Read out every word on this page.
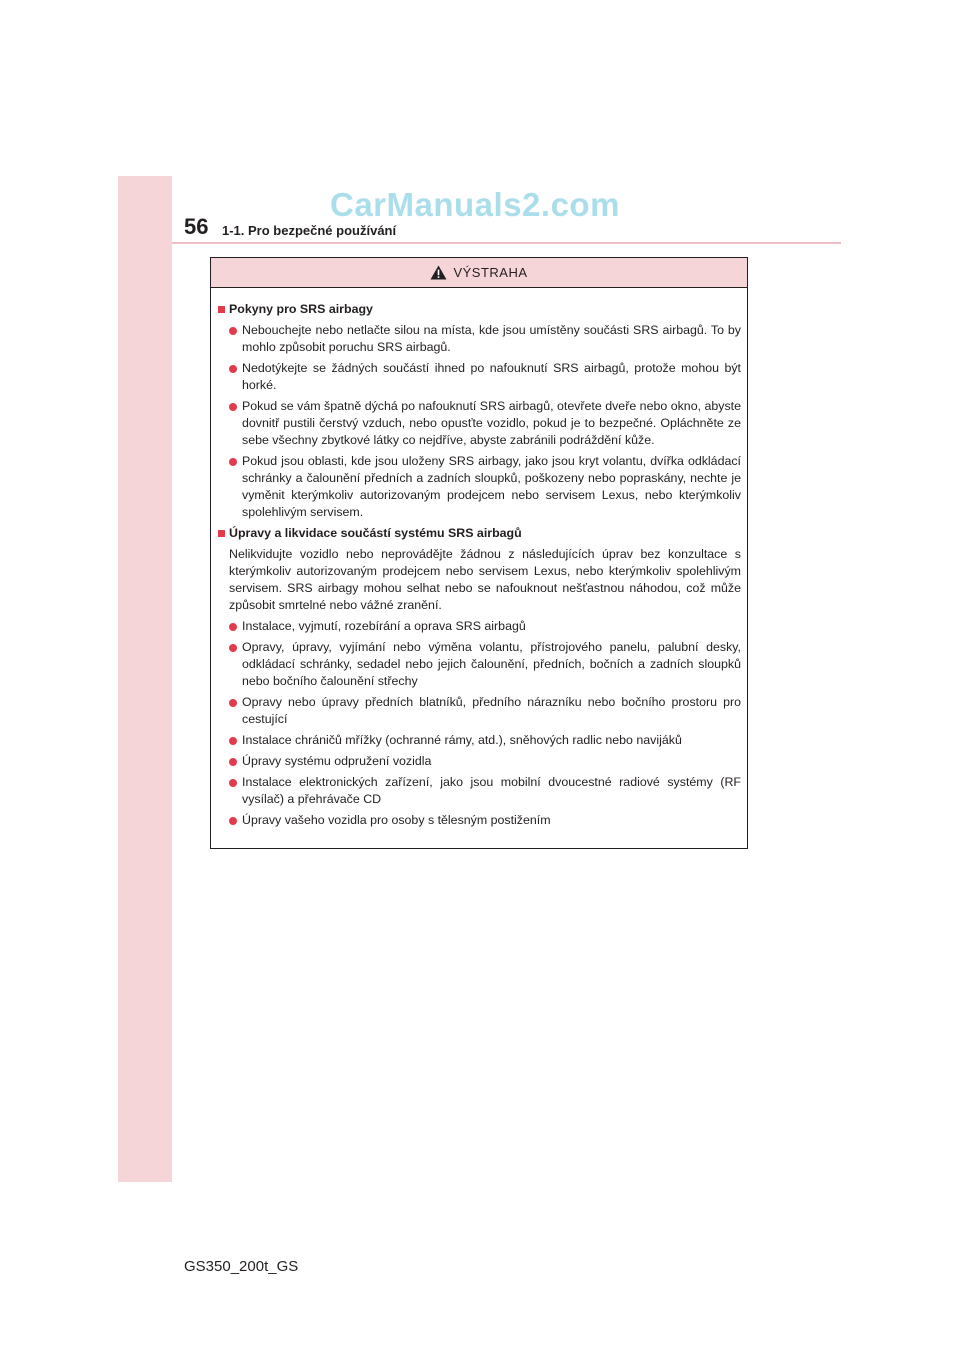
CarManuals2.com
56 1-1. Pro bezpečné používání
VÝSTRAHA
Pokyny pro SRS airbagy
Nebouchejte nebo netlačte silou na místa, kde jsou umístěny součásti SRS airbagů. To by mohlo způsobit poruchu SRS airbagů.
Nedotýkejte se žádných součástí ihned po nafouknutí SRS airbagů, protože mohou být horké.
Pokud se vám špatně dýchá po nafouknutí SRS airbagů, otevřete dveře nebo okno, abyste dovnitř pustili čerstvý vzduch, nebo opusťte vozidlo, pokud je to bezpečné. Opláchněte ze sebe všechny zbytkové látky co nejdříve, abyste zabránili podráždění kůže.
Pokud jsou oblasti, kde jsou uloženy SRS airbagy, jako jsou kryt volantu, dvířka odkládací schránky a čalounění předních a zadních sloupků, poškozeny nebo popraskány, nechte je vyměnit kterýmkoliv autorizovaným prodejcem nebo servisem Lexus, nebo kterýmkoliv spolehlivým servisem.
Úpravy a likvidace součástí systému SRS airbagů
Nelikvidujte vozidlo nebo neprovádějte žádnou z následujících úprav bez konzultace s kterýmkoliv autorizovaným prodejcem nebo servisem Lexus, nebo kterýmkoliv spolehlivým servisem. SRS airbagy mohou selhat nebo se nafouknout nešťastnou náhodou, což může způsobit smrtelné nebo vážné zranění.
Instalace, vyjmutí, rozebírání a oprava SRS airbagů
Opravy, úpravy, vyjímání nebo výměna volantu, přístrojového panelu, palubní desky, odkládací schránky, sedadel nebo jejich čalounění, předních, bočních a zadních sloupků nebo bočního čalounění střechy
Opravy nebo úpravy předních blatníků, předního nárazníku nebo bočního prostoru pro cestující
Instalace chráničů mřížky (ochranné rámy, atd.), sněhových radlic nebo navijáků
Úpravy systému odpružení vozidla
Instalace elektronických zařízení, jako jsou mobilní dvoucestné radiové systémy (RF vysílač) a přehrávače CD
Úpravy vašeho vozidla pro osoby s tělesným postižením
GS350_200t_GS
